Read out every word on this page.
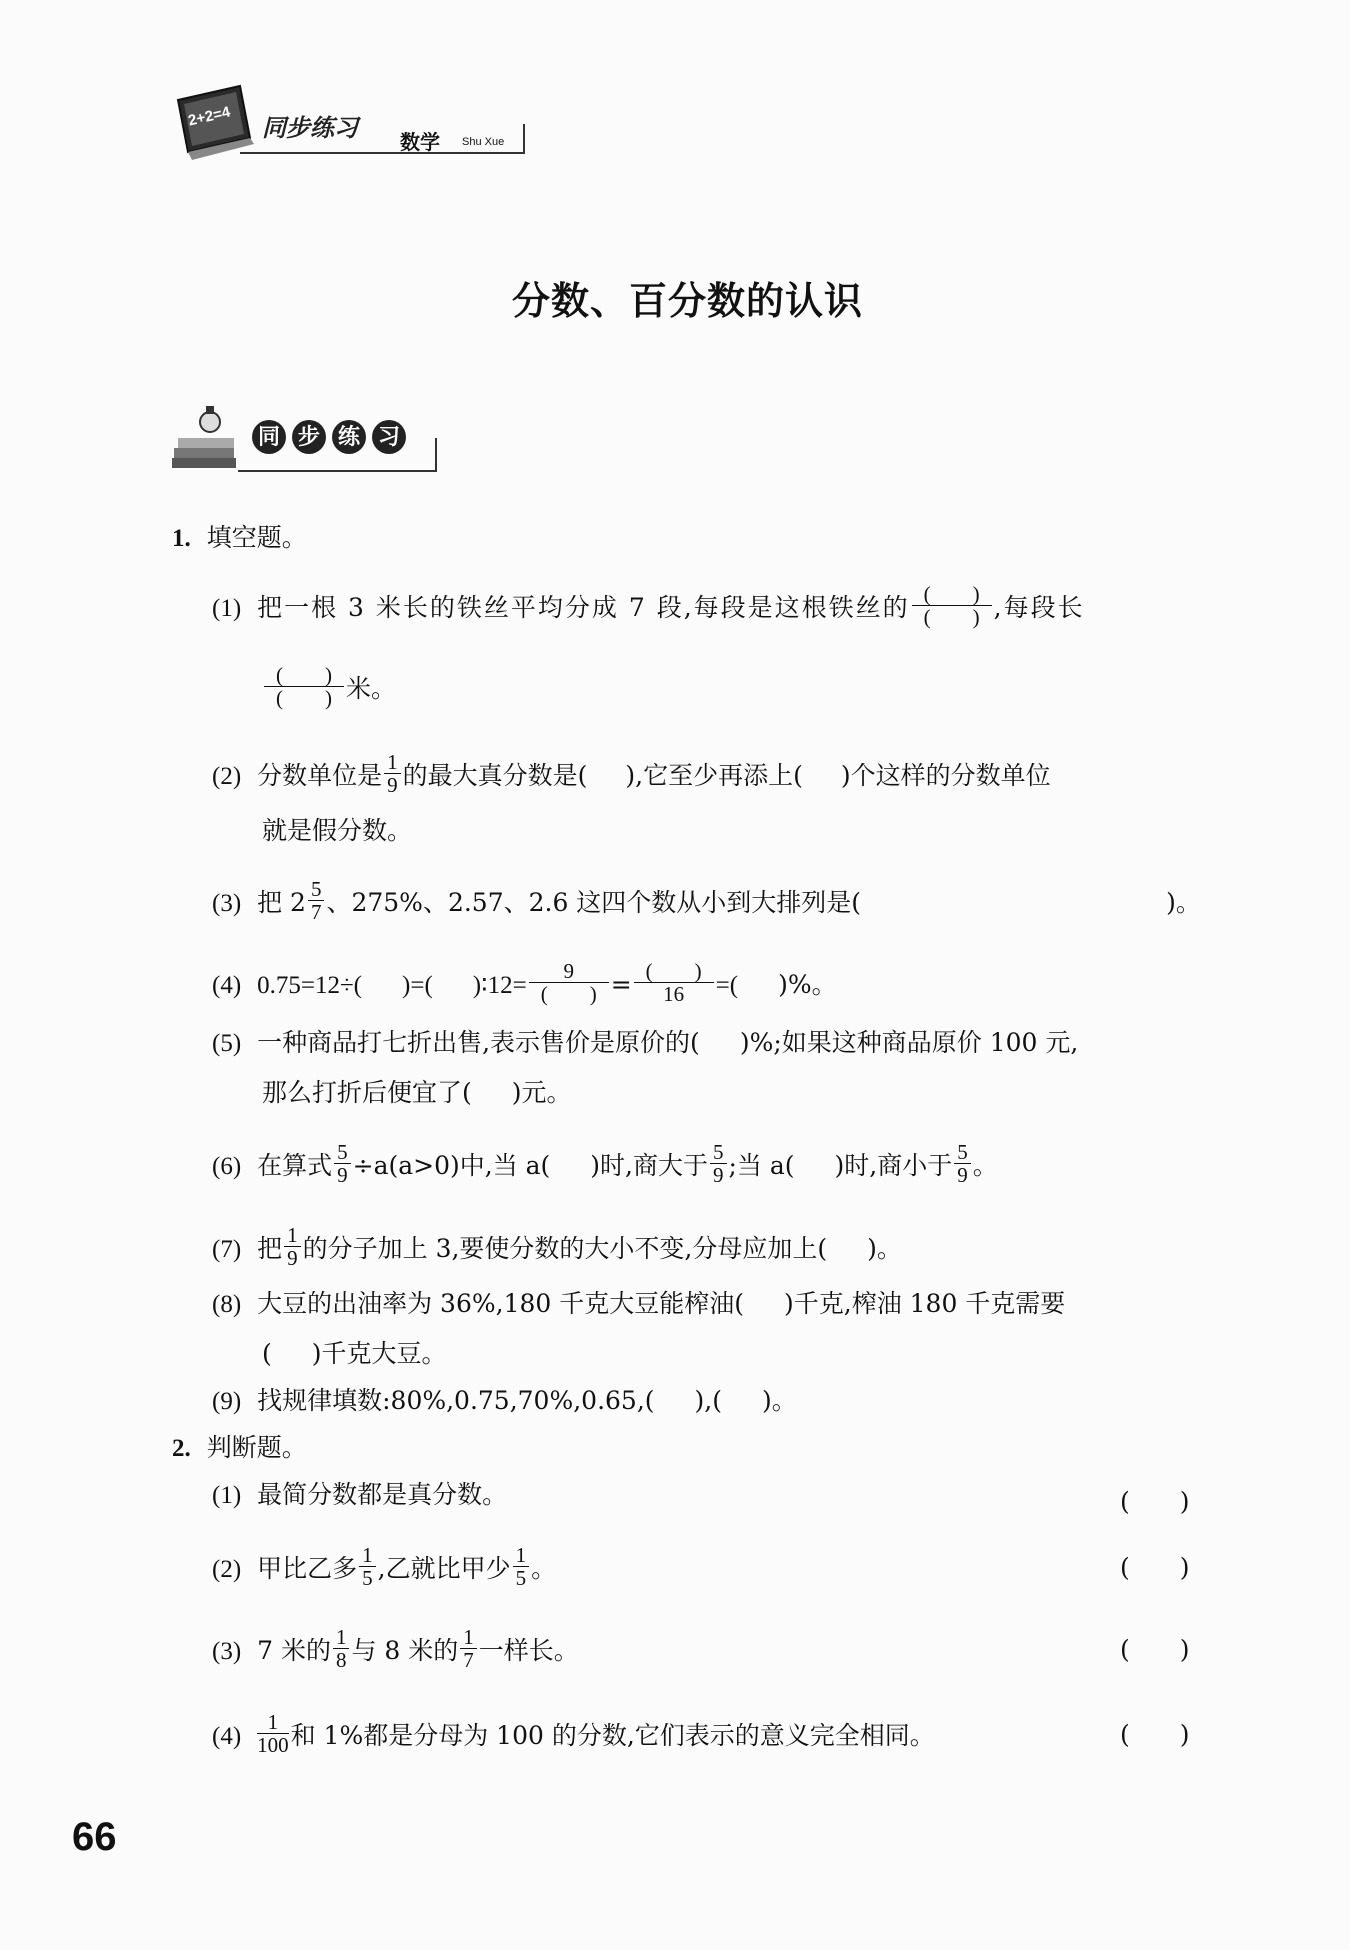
2+2=4 同步练习 数学 Shu Xue
分数、百分数的认识
同 步 练 习
1. 填空题。
(1) 把一根 3 米长的铁丝平均分成 7 段,每段是这根铁丝的 $\frac{( )}{( )}$ ,每段长
$\frac{( )}{( )}$ 米。
(2) 分数单位是 $\frac{1}{9}$ 的最大真分数是( ),它至少再添上( )个这样的分数单位
就是假分数。
(3) 把 $2 \frac{5}{7}$ 、275%、2.57、2.6 这四个数从小到大排列是(	)。
(4) 0.75=12÷( )=( )∶12= $\frac{9}{( )} = \frac{( )}{16}$ =( )%。
(5) 一种商品打七折出售,表示售价是原价的( )%;如果这种商品原价 100 元,
那么打折后便宜了( )元。
(6) 在算式 $\frac{5}{9} \div a(a>0)$中,当 a( )时,商大于 $\frac{5}{9}$ ;当 a( )时,商小于 $\frac{5}{9}$ 。
(7) 把 $\frac{1}{9}$ 的分子加上 3,要使分数的大小不变,分母应加上( )。
(8) 大豆的出油率为 36%,180 千克大豆能榨油( )千克,榨油 180 千克需要
( )千克大豆。
(9) 找规律填数:80%,0.75,70%,0.65,( ),( )。
2. 判断题。
(1) 最简分数都是真分数。	(　　)
(2) 甲比乙多 $\frac{1}{5}$ ,乙就比甲少 $\frac{1}{5}$ 。	(　　)
(3) 7 米的 $\frac{1}{8}$ 与 8 米的 $\frac{1}{7}$ 一样长。	(　　)
$(4) \frac{1}{100}$ 和 1%都是分母为 100 的分数,它们表示的意义完全相同。	(　　)
66
